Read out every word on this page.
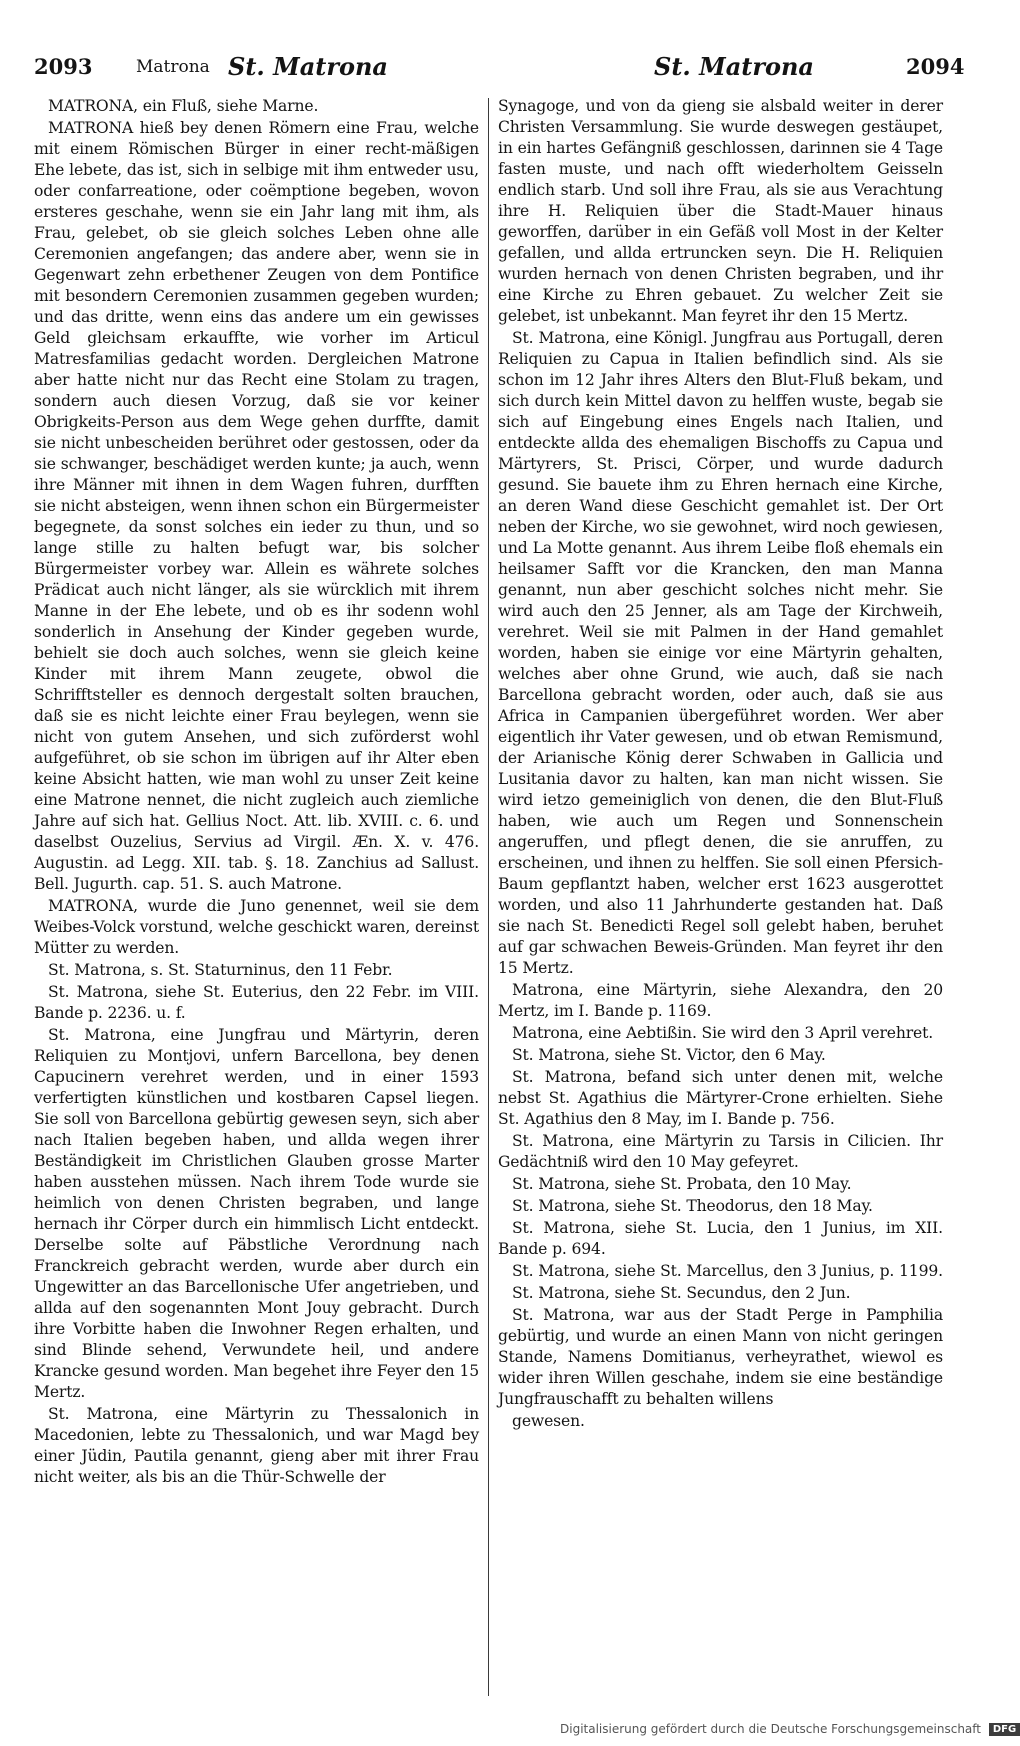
2093	Matrona St. Matrona	St. Matrona	2094

MATRONA, ein Fluß, siehe Marne.

MATRONA hieß bey denen Römern eine Frau, welche mit einem Römischen Bürger in einer recht-mäßigen Ehe lebete, das ist, sich in selbige mit ihm entweder usu, oder confarreatione, oder coëmptione begeben, wovon ersteres geschahe, wenn sie ein Jahr lang mit ihm, als Frau, gelebet, ob sie gleich solches Leben ohne alle Ceremonien angefangen; das andere aber, wenn sie in Gegenwart zehn erbethener Zeugen von dem Pontifice mit besondern Ceremonien zusammen gegeben wurden; und das dritte, wenn eins das andere um ein gewisses Geld gleichsam erkauffte, wie vorher im Articul Matresfamilias gedacht worden. Dergleichen Matrone aber hatte nicht nur das Recht eine Stolam zu tragen, sondern auch diesen Vorzug, daß sie vor keiner Obrigkeits-Person aus dem Wege gehen durffte, damit sie nicht unbescheiden berühret oder gestossen, oder da sie schwanger, beschädiget werden kunte; ja auch, wenn ihre Männer mit ihnen in dem Wagen fuhren, durfften sie nicht absteigen, wenn ihnen schon ein Bürgermeister begegnete, da sonst solches ein ieder zu thun, und so lange stille zu halten befugt war, bis solcher Bürgermeister vorbey war. Allein es währete solches Prädicat auch nicht länger, als sie würcklich mit ihrem Manne in der Ehe lebete, und ob es ihr sodenn wohl sonderlich in Ansehung der Kinder gegeben wurde, behielt sie doch auch solches, wenn sie gleich keine Kinder mit ihrem Mann zeugete, obwol die Schrifftsteller es dennoch dergestalt solten brauchen, daß sie es nicht leichte einer Frau beylegen, wenn sie nicht von gutem Ansehen, und sich zuförderst wohl aufgeführet, ob sie schon im übrigen auf ihr Alter eben keine Absicht hatten, wie man wohl zu unser Zeit keine eine Matrone nennet, die nicht zugleich auch ziemliche Jahre auf sich hat. Gellius Noct. Att. lib. XVIII. c. 6. und daselbst Ouzelius, Servius ad Virgil. Æn. X. v. 476. Augustin. ad Legg. XII. tab. §. 18. Zanchius ad Sallust. Bell. Jugurth. cap. 51. S. auch Matrone.

MATRONA, wurde die Juno genennet, weil sie dem Weibes-Volck vorstund, welche geschickt waren, dereinst Mütter zu werden.

St. Matrona, s. St. Staturninus, den 11 Febr.

St. Matrona, siehe St. Euterius, den 22 Febr. im VIII. Bande p. 2236. u. f.

St. Matrona, eine Jungfrau und Märtyrin, deren Reliquien zu Montjovi, unfern Barcellona, bey denen Capucinern verehret werden, und in einer 1593 verfertigten künstlichen und kostbaren Capsel liegen. Sie soll von Barcellona gebürtig gewesen seyn, sich aber nach Italien begeben haben, und allda wegen ihrer Beständigkeit im Christlichen Glauben grosse Marter haben ausstehen müssen. Nach ihrem Tode wurde sie heimlich von denen Christen begraben, und lange hernach ihr Cörper durch ein himmlisch Licht entdeckt. Derselbe solte auf Päbstliche Verordnung nach Franckreich gebracht werden, wurde aber durch ein Ungewitter an das Barcellonische Ufer angetrieben, und allda auf den sogenannten Mont Jouy gebracht. Durch ihre Vorbitte haben die Inwohner Regen erhalten, und sind Blinde sehend, Verwundete heil, und andere Krancke gesund worden. Man begehet ihre Feyer den 15 Mertz.

St. Matrona, eine Märtyrin zu Thessalonich in Macedonien, lebte zu Thessalonich, und war Magd bey einer Jüdin, Pautila genannt, gieng aber mit ihrer Frau nicht weiter, als bis an die Thür-Schwelle der

Synagoge, und von da gieng sie alsbald weiter in derer Christen Versammlung. Sie wurde deswegen gestäupet, in ein hartes Gefängniß geschlossen, darinnen sie 4 Tage fasten muste, und nach offt wiederholtem Geisseln endlich starb. Und soll ihre Frau, als sie aus Verachtung ihre H. Reliquien über die Stadt-Mauer hinaus geworffen, darüber in ein Gefäß voll Most in der Kelter gefallen, und allda ertruncken seyn. Die H. Reliquien wurden hernach von denen Christen begraben, und ihr eine Kirche zu Ehren gebauet. Zu welcher Zeit sie gelebet, ist unbekannt. Man feyret ihr den 15 Mertz.

St. Matrona, eine Königl. Jungfrau aus Portugall, deren Reliquien zu Capua in Italien befindlich sind. Als sie schon im 12 Jahr ihres Alters den Blut-Fluß bekam, und sich durch kein Mittel davon zu helffen wuste, begab sie sich auf Eingebung eines Engels nach Italien, und entdeckte allda des ehemaligen Bischoffs zu Capua und Märtyrers, St. Prisci, Cörper, und wurde dadurch gesund. Sie bauete ihm zu Ehren hernach eine Kirche, an deren Wand diese Geschicht gemahlet ist. Der Ort neben der Kirche, wo sie gewohnet, wird noch gewiesen, und La Motte genannt. Aus ihrem Leibe floß ehemals ein heilsamer Safft vor die Krancken, den man Manna genannt, nun aber geschicht solches nicht mehr. Sie wird auch den 25 Jenner, als am Tage der Kirchweih, verehret. Weil sie mit Palmen in der Hand gemahlet worden, haben sie einige vor eine Märtyrin gehalten, welches aber ohne Grund, wie auch, daß sie nach Barcellona gebracht worden, oder auch, daß sie aus Africa in Campanien übergeführet worden. Wer aber eigentlich ihr Vater gewesen, und ob etwan Remismund, der Arianische König derer Schwaben in Gallicia und Lusitania davor zu halten, kan man nicht wissen. Sie wird ietzo gemeiniglich von denen, die den Blut-Fluß haben, wie auch um Regen und Sonnenschein angeruffen, und pflegt denen, die sie anruffen, zu erscheinen, und ihnen zu helffen. Sie soll einen Pfersich-Baum gepflantzt haben, welcher erst 1623 ausgerottet worden, und also 11 Jahrhunderte gestanden hat. Daß sie nach St. Benedicti Regel soll gelebt haben, beruhet auf gar schwachen Beweis-Gründen. Man feyret ihr den 15 Mertz.

Matrona, eine Märtyrin, siehe Alexandra, den 20 Mertz, im I. Bande p. 1169.

Matrona, eine Aebtißin. Sie wird den 3 April verehret.

St. Matrona, siehe St. Victor, den 6 May.

St. Matrona, befand sich unter denen mit, welche nebst St. Agathius die Märtyrer-Crone erhielten. Siehe St. Agathius den 8 May, im I. Bande p. 756.

St. Matrona, eine Märtyrin zu Tarsis in Cilicien. Ihr Gedächtniß wird den 10 May gefeyret.

St. Matrona, siehe St. Probata, den 10 May.

St. Matrona, siehe St. Theodorus, den 18 May.

St. Matrona, siehe St. Lucia, den 1 Junius, im XII. Bande p. 694.

St. Matrona, siehe St. Marcellus, den 3 Junius, p. 1199.

St. Matrona, siehe St. Secundus, den 2 Jun.

St. Matrona, war aus der Stadt Perge in Pamphilia gebürtig, und wurde an einen Mann von nicht geringen Stande, Namens Domitianus, verheyrathet, wiewol es wider ihren Willen geschahe, indem sie eine beständige Jungfrauschafft zu behalten willens

gewesen.

Digitalisierung gefördert durch die Deutsche Forschungsgemeinschaft DFG
